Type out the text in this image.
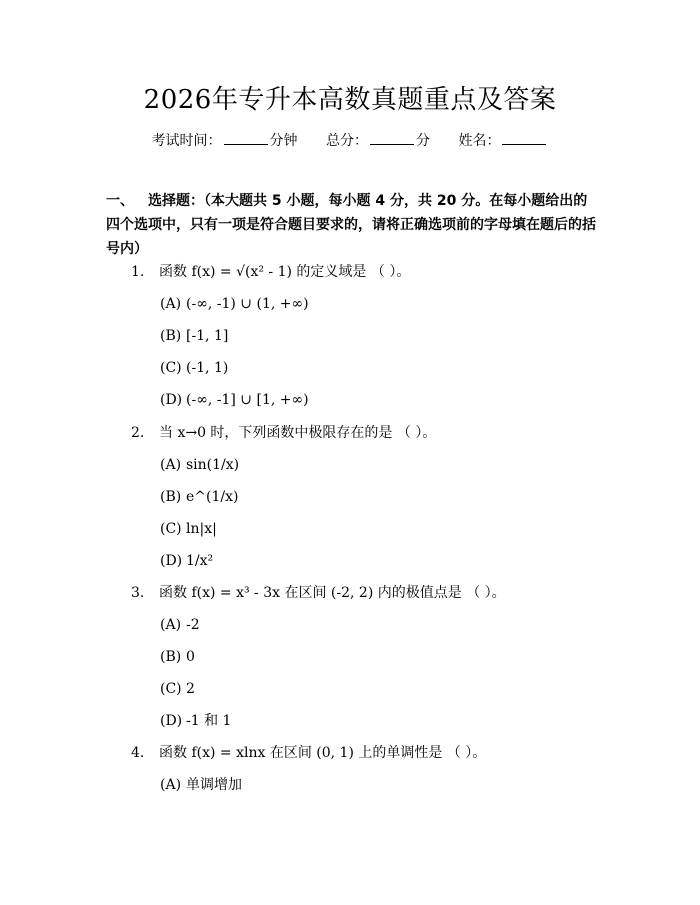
2026年专升本高数真题重点及答案
考试时间：	分钟 总分：	分 姓名：
一、 选择题：（本大题共 5 小题，每小题 4 分，共 20 分。在每小题给出的四个选项中，只有一项是符合题目要求的，请将正确选项前的字母填在题后的括号内）
1. 函数 f(x) = √(x² - 1) 的定义域是 （ ）。
(A) (-∞, -1) ∪ (1, +∞)
(B) [-1, 1]
(C) (-1, 1)
(D) (-∞, -1] ∪ [1, +∞)
2. 当 x→0 时，下列函数中极限存在的是 （ ）。
(A) sin(1/x)
(B) e^(1/x)
(C) ln|x|
(D) 1/x²
3. 函数 f(x) = x³ - 3x 在区间 (-2, 2) 内的极值点是 （ ）。
(A) -2
(B) 0
(C) 2
(D) -1 和 1
4. 函数 f(x) = xlnx 在区间 (0, 1) 上的单调性是 （ ）。
(A) 单调增加
